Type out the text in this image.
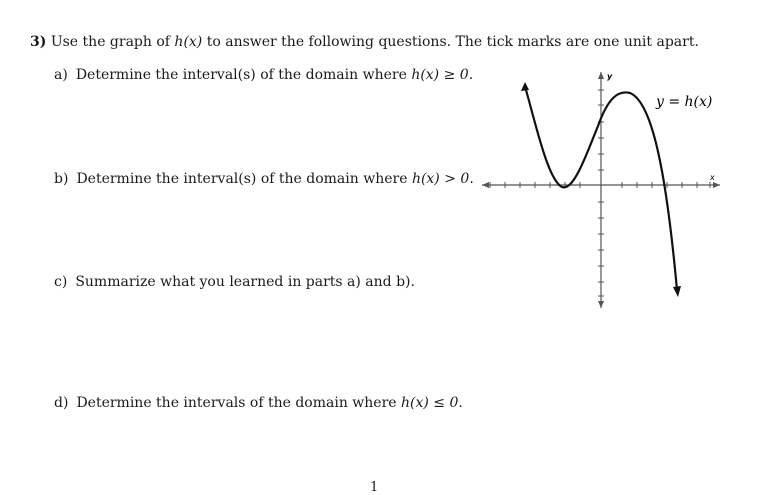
3) Use the graph of h(x) to answer the following questions. The tick marks are one unit apart.
a) Determine the interval(s) of the domain where h(x) ≥ 0.
b) Determine the interval(s) of the domain where h(x) > 0.
c) Summarize what you learned in parts a) and b).
d) Determine the intervals of the domain where h(x) ≤ 0.
x
y
y = h(x)
1
